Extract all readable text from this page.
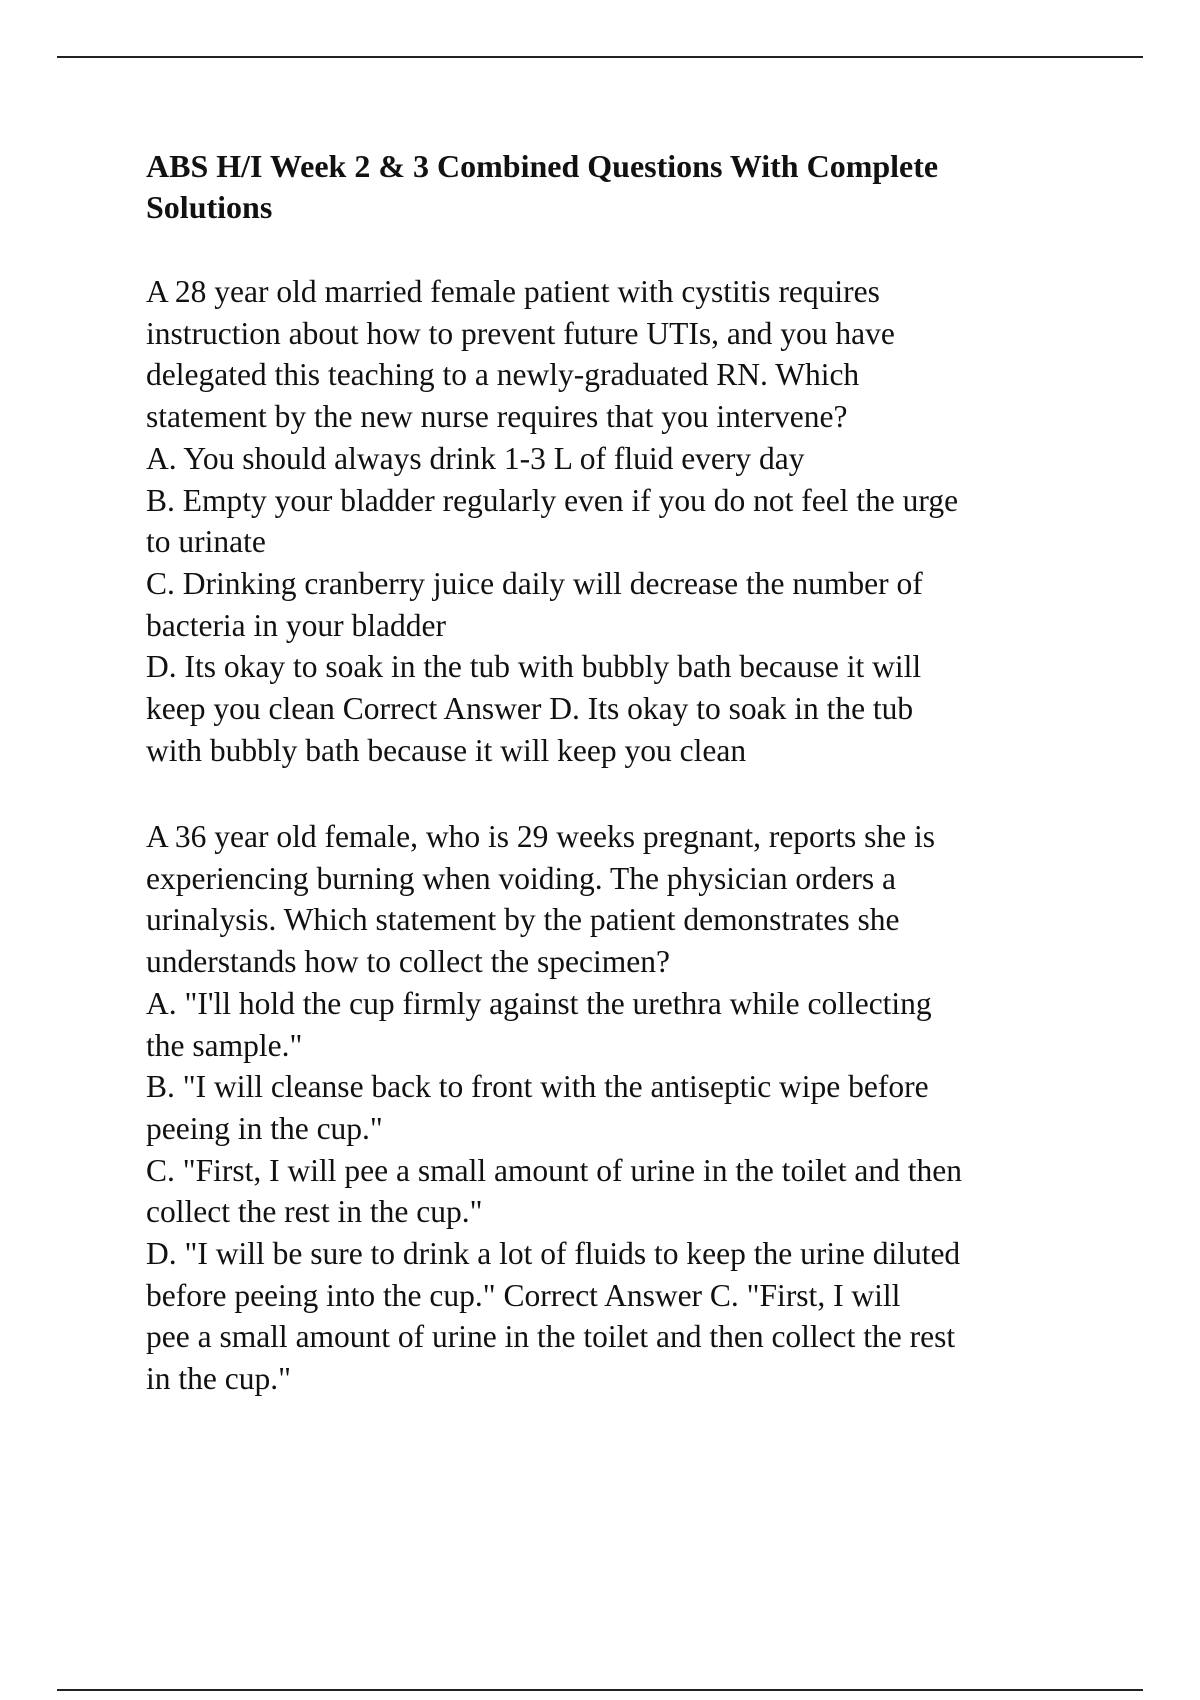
ABS H/I Week 2 & 3 Combined Questions With Complete
Solutions
A 28 year old married female patient with cystitis requires
instruction about how to prevent future UTIs, and you have
delegated this teaching to a newly-graduated RN. Which
statement by the new nurse requires that you intervene?
A. You should always drink 1-3 L of fluid every day
B. Empty your bladder regularly even if you do not feel the urge
to urinate
C. Drinking cranberry juice daily will decrease the number of
bacteria in your bladder
D. Its okay to soak in the tub with bubbly bath because it will
keep you clean Correct Answer D. Its okay to soak in the tub
with bubbly bath because it will keep you clean
A 36 year old female, who is 29 weeks pregnant, reports she is
experiencing burning when voiding. The physician orders a
urinalysis. Which statement by the patient demonstrates she
understands how to collect the specimen?
A. "I'll hold the cup firmly against the urethra while collecting
the sample."
B. "I will cleanse back to front with the antiseptic wipe before
peeing in the cup."
C. "First, I will pee a small amount of urine in the toilet and then
collect the rest in the cup."
D. "I will be sure to drink a lot of fluids to keep the urine diluted
before peeing into the cup." Correct Answer C. "First, I will
pee a small amount of urine in the toilet and then collect the rest
in the cup."
